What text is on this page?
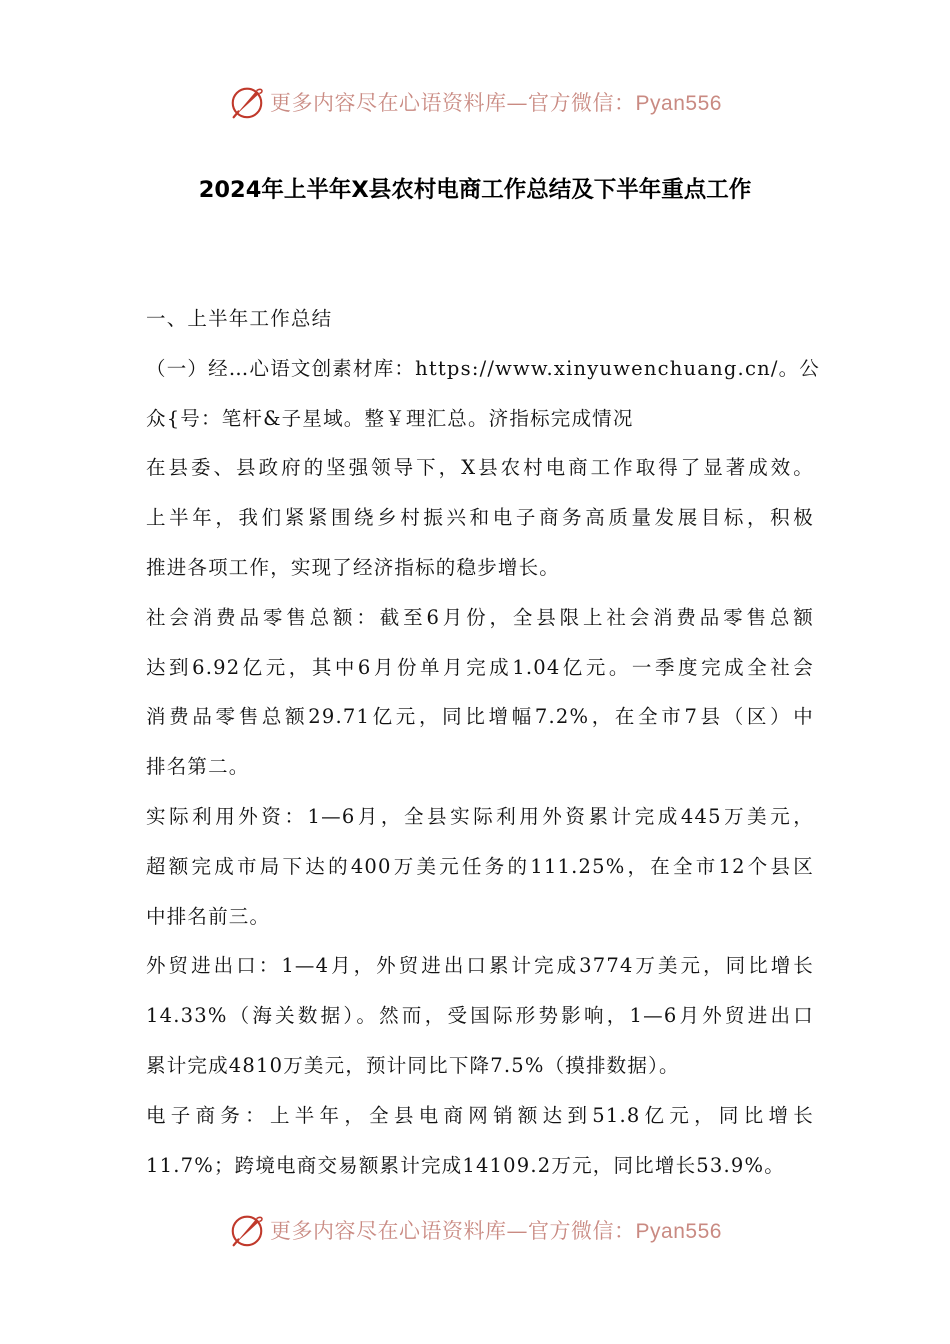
更多内容尽在心语资料库—官方微信：Pyan556
2024年上半年X县农村电商工作总结及下半年重点工作
一、上半年工作总结
（一）经…心语文创素材库：https://www.xinyuwenchuang.cn/。公
众{号：笔杆&子星域。整￥理汇总。济指标完成情况
在县委、县政府的坚强领导下，X县农村电商工作取得了显著成效。
上半年，我们紧紧围绕乡村振兴和电子商务高质量发展目标，积极
推进各项工作，实现了经济指标的稳步增长。
社会消费品零售总额：截至6月份，全县限上社会消费品零售总额
达到6.92亿元，其中6月份单月完成1.04亿元。一季度完成全社会
消费品零售总额29.71亿元，同比增幅7.2%，在全市7县（区）中
排名第二。
实际利用外资：1—6月，全县实际利用外资累计完成445万美元，
超额完成市局下达的400万美元任务的111.25%，在全市12个县区
中排名前三。
外贸进出口：1—4月，外贸进出口累计完成3774万美元，同比增长
14.33%（海关数据）。然而，受国际形势影响，1—6月外贸进出口
累计完成4810万美元，预计同比下降7.5%（摸排数据）。
电子商务：上半年，全县电商网销额达到51.8亿元，同比增长
11.7%；跨境电商交易额累计完成14109.2万元，同比增长53.9%。
更多内容尽在心语资料库—官方微信：Pyan556
